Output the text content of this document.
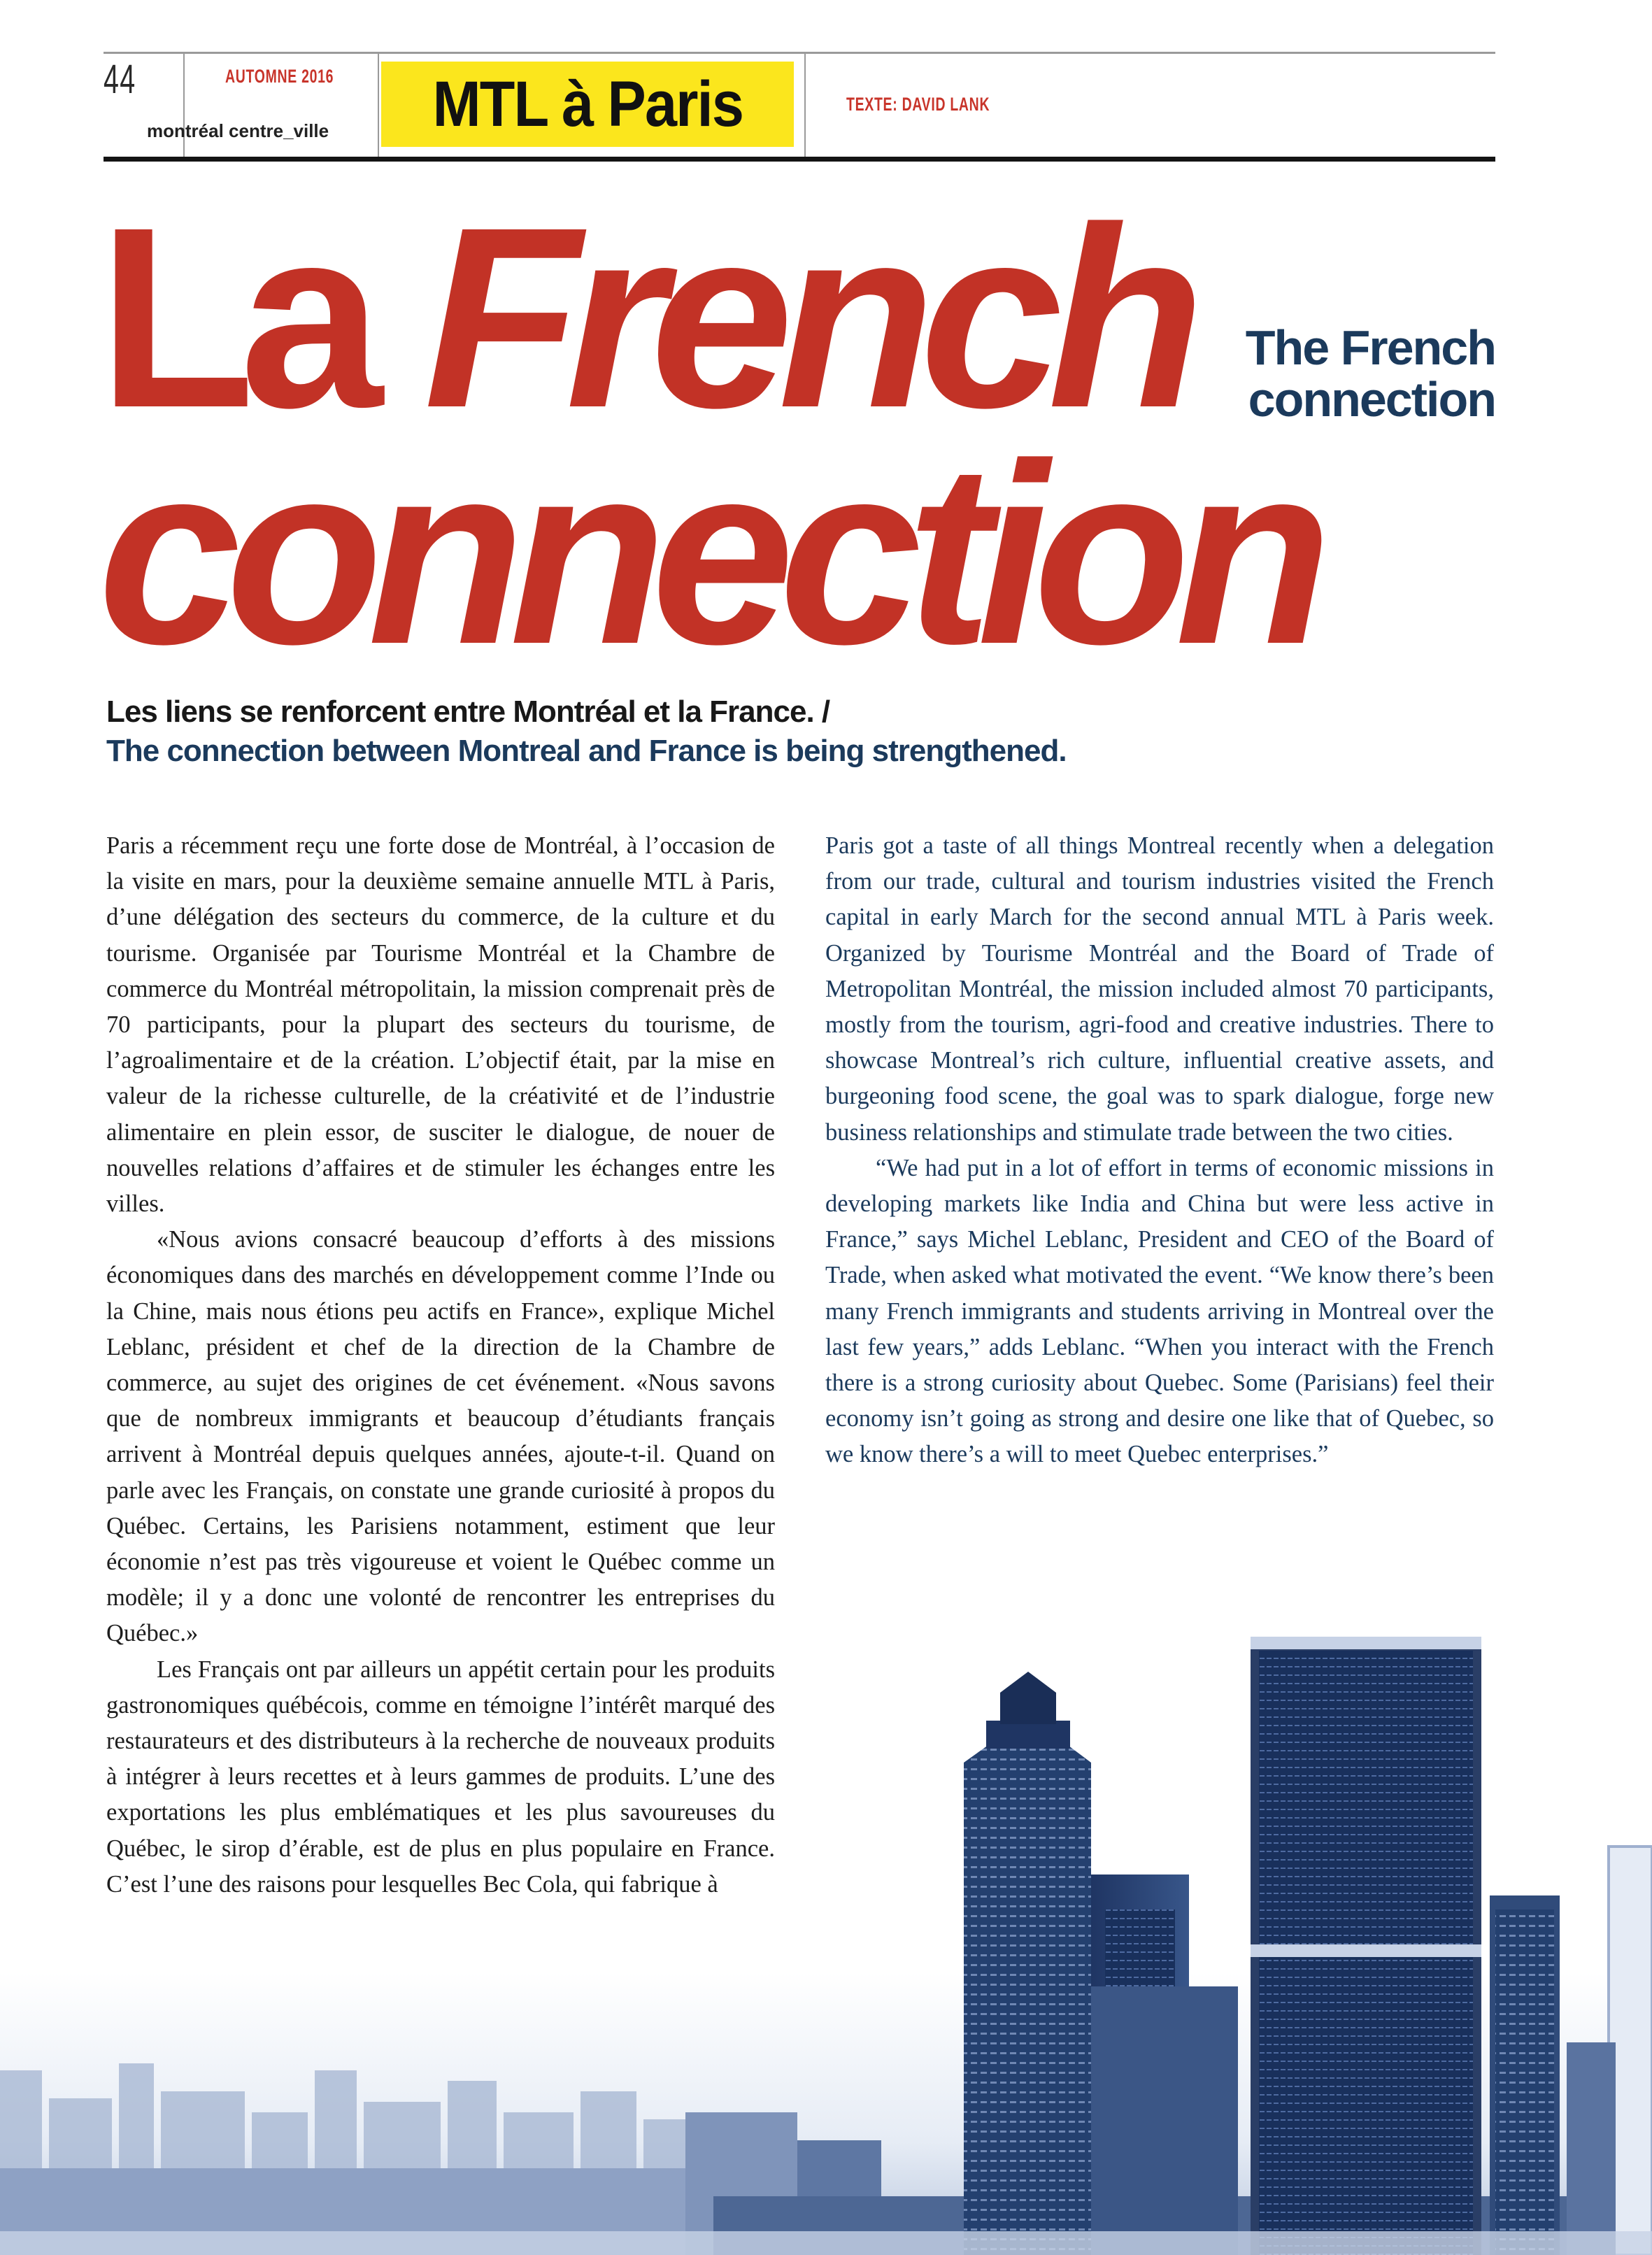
44	AUTOMNE 2016
montréal centre_ville MTL à Paris	TEXTE: DAVID LANK
La French
connection
The French
connection
Les liens se renforcent entre Montréal et la France. /
The connection between Montreal and France is being strengthened.

Paris a récemment reçu une forte dose de Montréal, à l’occasion de la visite en mars, pour la deuxième semaine annuelle MTL à Paris, d’une délégation des secteurs du commerce, de la culture et du tourisme. Organisée par Tourisme Montréal et la Chambre de commerce du Montréal métropolitain, la mission comprenait près de 70 participants, pour la plupart des secteurs du tourisme, de l’agroalimentaire et de la création. L’objectif était, par la mise en valeur de la richesse culturelle, de la créativité et de l’industrie alimentaire en plein essor, de susciter le dialogue, de nouer de nouvelles relations d’affaires et de stimuler les échanges entre les villes.

«Nous avions consacré beaucoup d’efforts à des missions économiques dans des marchés en développement comme l’Inde ou la Chine, mais nous étions peu actifs en France», explique Michel Leblanc, président et chef de la direction de la Chambre de commerce, au sujet des origines de cet événement. «Nous savons que de nombreux immigrants et beaucoup d’étudiants français arrivent à Montréal depuis quelques années, ajoute-t-il. Quand on parle avec les Français, on constate une grande curiosité à propos du Québec. Certains, les Parisiens notamment, estiment que leur économie n’est pas très vigoureuse et voient le Québec comme un modèle; il y a donc une volonté de rencontrer les entreprises du Québec.»

Les Français ont par ailleurs un appétit certain pour les produits gastronomiques québécois, comme en témoigne l’intérêt marqué des restaurateurs et des distributeurs à la recherche de nouveaux produits à intégrer à leurs recettes et à leurs gammes de produits. L’une des exportations les plus emblématiques et les plus savoureuses du Québec, le sirop d’érable, est de plus en plus populaire en France. C’est l’une des raisons pour lesquelles Bec Cola, qui fabrique à

Paris got a taste of all things Montreal recently when a delegation from our trade, cultural and tourism industries visited the French capital in early March for the second annual MTL à Paris week. Organized by Tourisme Montréal and the Board of Trade of Metropolitan Montréal, the mission included almost 70 participants, mostly from the tourism, agri-food and creative industries. There to showcase Montreal’s rich culture, influential creative assets, and burgeoning food scene, the goal was to spark dialogue, forge new business relationships and stimulate trade between the two cities.

“We had put in a lot of effort in terms of economic missions in developing markets like India and China but were less active in France,” says Michel Leblanc, President and CEO of the Board of Trade, when asked what motivated the event. “We know there’s been many French immigrants and students arriving in Montreal over the last few years,” adds Leblanc. “When you interact with the French there is a strong curiosity about Quebec. Some (Parisians) feel their economy isn’t going as strong and desire one like that of Quebec, so we know there’s a will to meet Quebec enterprises.”
